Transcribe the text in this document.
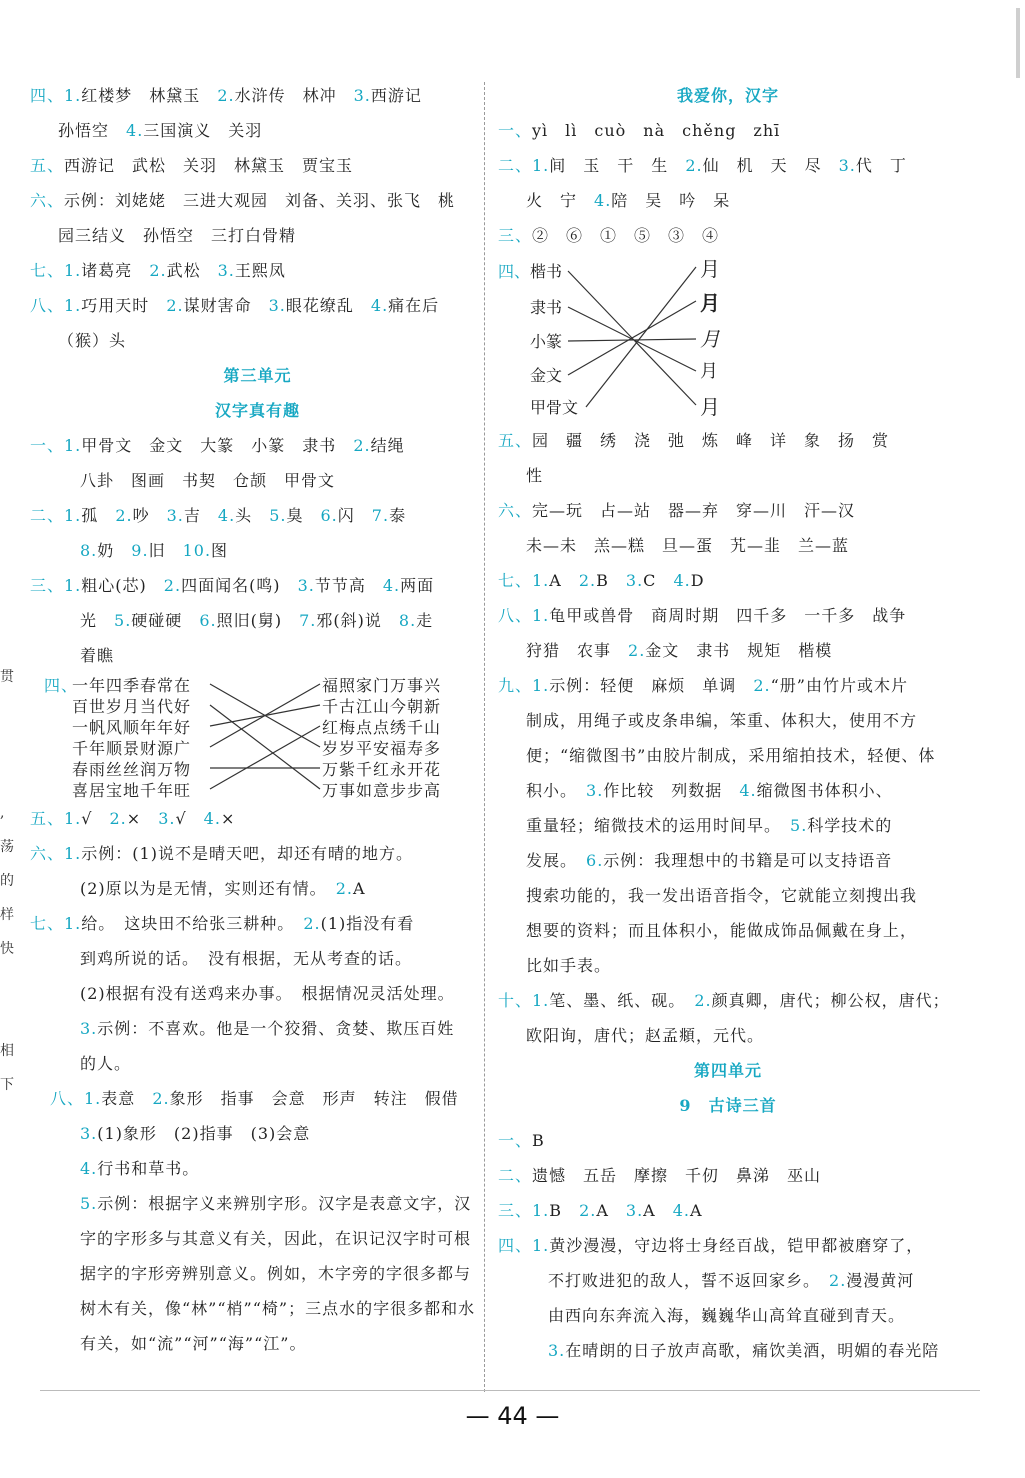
贯
,
荡
的
样
快
相
下
四、1.红楼梦　林黛玉　 2.水浒传　林冲　 3.西游记
孙悟空　 4.三国演义　关羽
五、西游记　武松　关羽　林黛玉　贾宝玉
六、示例：刘姥姥　三进大观园　刘备、关羽、张飞　桃
园三结义　孙悟空　三打白骨精
七、1.诸葛亮　 2.武松　 3.王熙凤
八、1.巧用天时　 2.谋财害命　 3.眼花缭乱　 4.痛在后
（猴）头
第三单元
汉字真有趣
一、1.甲骨文　金文　大篆　小篆　隶书　 2.结绳
八卦　图画　书契　仓颉　甲骨文
二、1.孤　 2.吵　 3.吉　 4.头　 5.臭　 6.闪　 7.泰
8.奶　 9.旧　 10.图
三、1.粗心(芯)　 2.四面闻名(鸣)　 3.节节高　 4.两面
光　 5.硬碰硬　 6.照旧(舅)　 7.邪(斜)说　 8.走
着瞧
四、
一年四季春常在
百世岁月当代好
一帆风顺年年好
千年顺景财源广
春雨丝丝润万物
喜居宝地千年旺
福照家门万事兴
千古江山今朝新
红梅点点绣千山
岁岁平安福寿多
万紫千红永开花
万事如意步步高
五、1.√　 2.×　 3.√　 4.×
六、1.示例：(1)说不是晴天吧，却还有晴的地方。
(2)原以为是无情，实则还有情。　 2.A
七、1.给。　这块田不给张三耕种。　 2.(1)指没有看
到鸡所说的话。　没有根据，无从考查的话。
(2)根据有没有送鸡来办事。　根据情况灵活处理。
3.示例：不喜欢。他是一个狡猾、贪婪、欺压百姓
的人。
八、1.表意　 2.象形　指事　会意　形声　转注　假借
3.(1)象形　(2)指事　(3)会意
4.行书和草书。
5.示例：根据字义来辨别字形。汉字是表意文字，汉
字的字形多与其意义有关，因此，在识记汉字时可根
据字的字形旁辨别意义。例如，木字旁的字很多都与
树木有关，像“林”“梢”“椅”；三点水的字很多都和水
有关，如“流”“河”“海”“江”。
我爱你，汉字
一、yì　lì　cuò　nà　chěng　zhī
二、1.间　玉　干　生　 2.仙　机　天　尽　 3.代　丁
火　宁　 4.陪　吴　吟　呆
三、②　⑥　①　⑤　③　④
四、 楷书
隶书
小篆
金文
甲骨文
月
月
月
月
月
五、园　疆　绣　浇　弛　炼　峰　详　象　扬　赏
性
六、完—玩　占—站　器—弃　穿—川　汗—汉
未—未　羔—糕　旦—蛋　艽—韭　兰—蓝
七、1.A　 2.B　 3.C　 4.D
八、1.龟甲或兽骨　商周时期　四千多　一千多　战争
狩猎　农事　 2.金文　隶书　规矩　楷模
九、1.示例：轻便　麻烦　单调　 2.“册”由竹片或木片
制成，用绳子或皮条串编，笨重、体积大，使用不方
便；“缩微图书”由胶片制成，采用缩拍技术，轻便、体
积小。　 3.作比较　列数据　 4.缩微图书体积小、
重量轻；缩微技术的运用时间早。　 5.科学技术的
发展。　 6.示例：我理想中的书籍是可以支持语音
搜索功能的，我一发出语音指令，它就能立刻搜出我
想要的资料；而且体积小，能做成饰品佩戴在身上，
比如手表。
十、1.笔、墨、纸、砚。　 2.颜真卿，唐代；柳公权，唐代；
欧阳询，唐代；赵孟頫，元代。
第四单元
9　 古诗三首
一、B
二、遗憾　五岳　摩擦　千仞　鼻涕　巫山
三、1.B　 2.A　 3.A　 4.A
四、1.黄沙漫漫，守边将士身经百战，铠甲都被磨穿了，
不打败进犯的敌人，誓不返回家乡。　 2.漫漫黄河
由西向东奔流入海，巍巍华山高耸直碰到青天。
3.在晴朗的日子放声高歌，痛饮美酒，明媚的春光陪
— 44 —
